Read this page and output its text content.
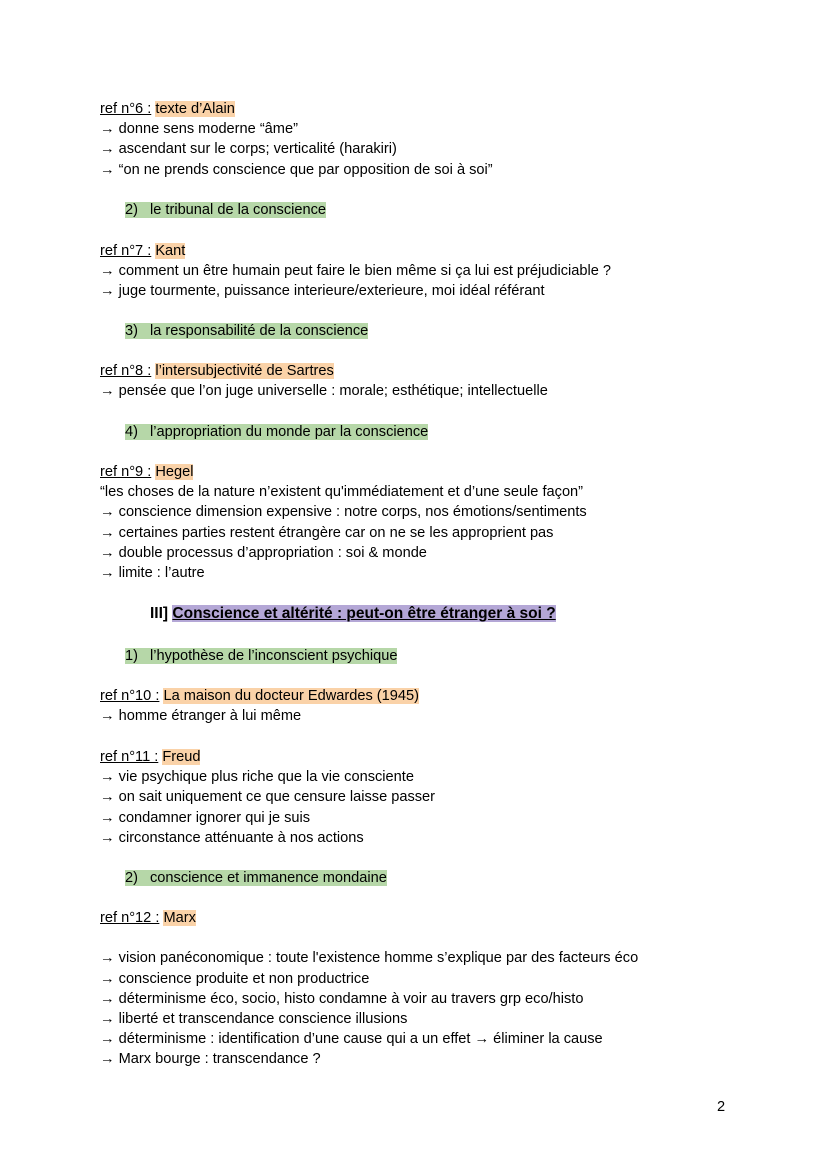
ref n°6 : texte d’Alain
→ donne sens moderne “âme”
→ ascendant sur le corps; verticalité (harakiri)
→ “on ne prends conscience que par opposition de soi à soi”
2) le tribunal de la conscience
ref n°7 : Kant
→ comment un être humain peut faire le bien même si ça lui est préjudiciable ?
→ juge tourmente, puissance interieure/exterieure, moi idéal référant
3) la responsabilité de la conscience
ref n°8 : l’intersubjectivité de Sartres
→ pensée que l’on juge universelle : morale; esthétique; intellectuelle
4) l’appropriation du monde par la conscience
ref n°9 : Hegel
“les choses de la nature n’existent qu'immédiatement et d’une seule façon”
→ conscience dimension expensive : notre corps, nos émotions/sentiments
→ certaines parties restent étrangère car on ne se les approprient pas
→ double processus d’appropriation : soi & monde
→ limite : l’autre
III] Conscience et altérité : peut-on être étranger à soi ?
1) l’hypothèse de l’inconscient psychique
ref n°10 : La maison du docteur Edwardes (1945)
→ homme étranger à lui même
ref n°11 : Freud
→ vie psychique plus riche que la vie consciente
→ on sait uniquement ce que censure laisse passer
→ condamner ignorer qui je suis
→ circonstance atténuante à nos actions
2) conscience et immanence mondaine
ref n°12 : Marx
→ vision panéconomique : toute l'existence homme s’explique par des facteurs éco
→ conscience produite et non productrice
→ déterminisme éco, socio, histo condamne à voir au travers grp eco/histo
→ liberté et transcendance conscience illusions
→ déterminisme : identification d’une cause qui a un effet → éliminer la cause
→ Marx bourge : transcendance ?
2
